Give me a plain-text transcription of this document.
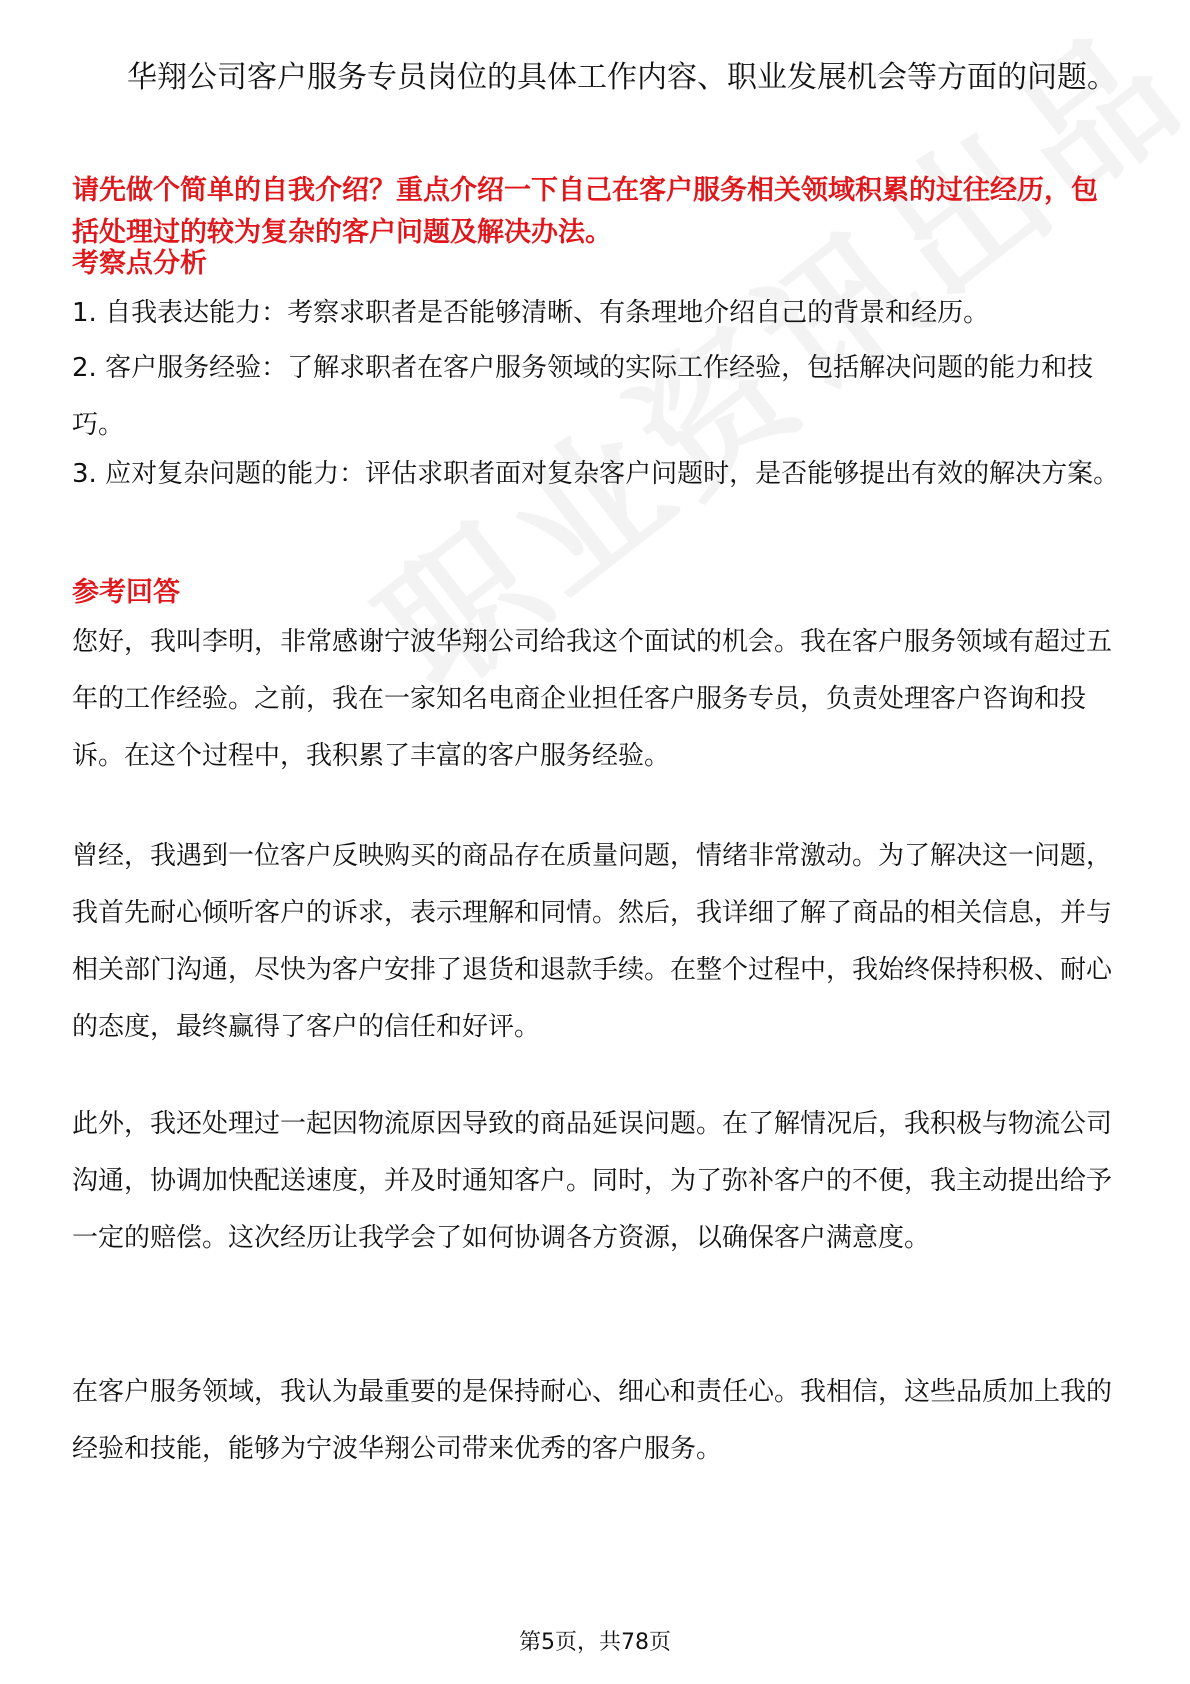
华翔公司客户服务专员岗位的具体工作内容、职业发展机会等方面的问题。
请先做个简单的自我介绍？重点介绍一下自己在客户服务相关领域积累的过往经历，包括处理过的较为复杂的客户问题及解决办法。
考察点分析
1. 自我表达能力：考察求职者是否能够清晰、有条理地介绍自己的背景和经历。
2. 客户服务经验：了解求职者在客户服务领域的实际工作经验，包括解决问题的能力和技巧。
3. 应对复杂问题的能力：评估求职者面对复杂客户问题时，是否能够提出有效的解决方案。
参考回答
您好，我叫李明，非常感谢宁波华翔公司给我这个面试的机会。我在客户服务领域有超过五年的工作经验。之前，我在一家知名电商企业担任客户服务专员，负责处理客户咨询和投诉。在这个过程中，我积累了丰富的客户服务经验。
曾经，我遇到一位客户反映购买的商品存在质量问题，情绪非常激动。为了解决这一问题，我首先耐心倾听客户的诉求，表示理解和同情。然后，我详细了解了商品的相关信息，并与相关部门沟通，尽快为客户安排了退货和退款手续。在整个过程中，我始终保持积极、耐心的态度，最终赢得了客户的信任和好评。
此外，我还处理过一起因物流原因导致的商品延误问题。在了解情况后，我积极与物流公司沟通，协调加快配送速度，并及时通知客户。同时，为了弥补客户的不便，我主动提出给予一定的赔偿。这次经历让我学会了如何协调各方资源，以确保客户满意度。
在客户服务领域，我认为最重要的是保持耐心、细心和责任心。我相信，这些品质加上我的经验和技能，能够为宁波华翔公司带来优秀的客户服务。
第5页，共78页
